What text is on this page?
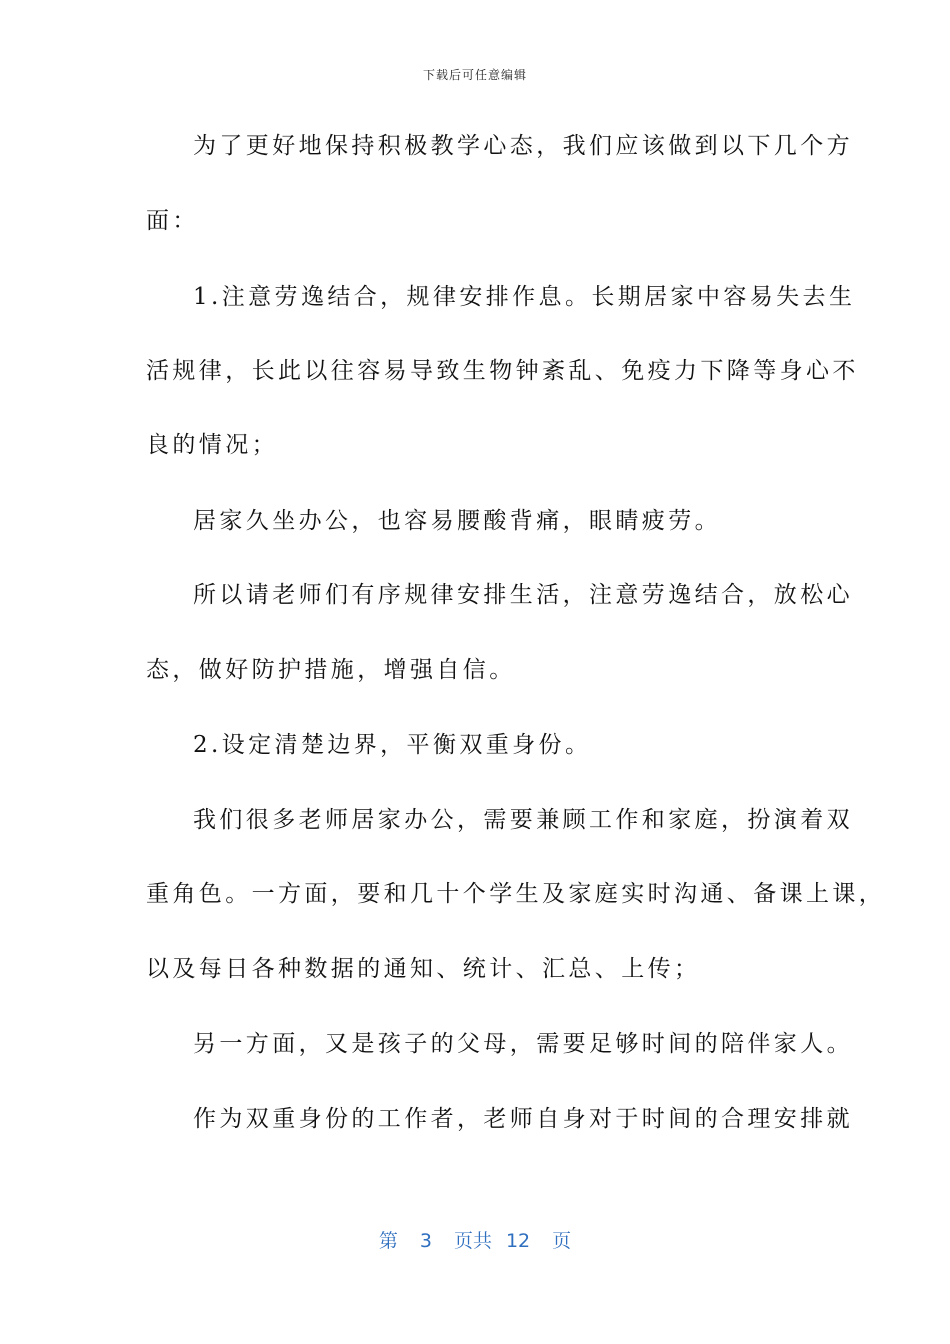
下载后可任意编辑
为了更好地保持积极教学心态，我们应该做到以下几个方
面：
1.注意劳逸结合，规律安排作息。长期居家中容易失去生
活规律，长此以往容易导致生物钟紊乱、免疫力下降等身心不
良的情况；
居家久坐办公，也容易腰酸背痛，眼睛疲劳。
所以请老师们有序规律安排生活，注意劳逸结合，放松心
态，做好防护措施，增强自信。
2.设定清楚边界，平衡双重身份。
我们很多老师居家办公，需要兼顾工作和家庭，扮演着双
重角色。一方面，要和几十个学生及家庭实时沟通、备课上课，
以及每日各种数据的通知、统计、汇总、上传；
另一方面，又是孩子的父母，需要足够时间的陪伴家人。
作为双重身份的工作者，老师自身对于时间的合理安排就
第 3 页共 12 页
